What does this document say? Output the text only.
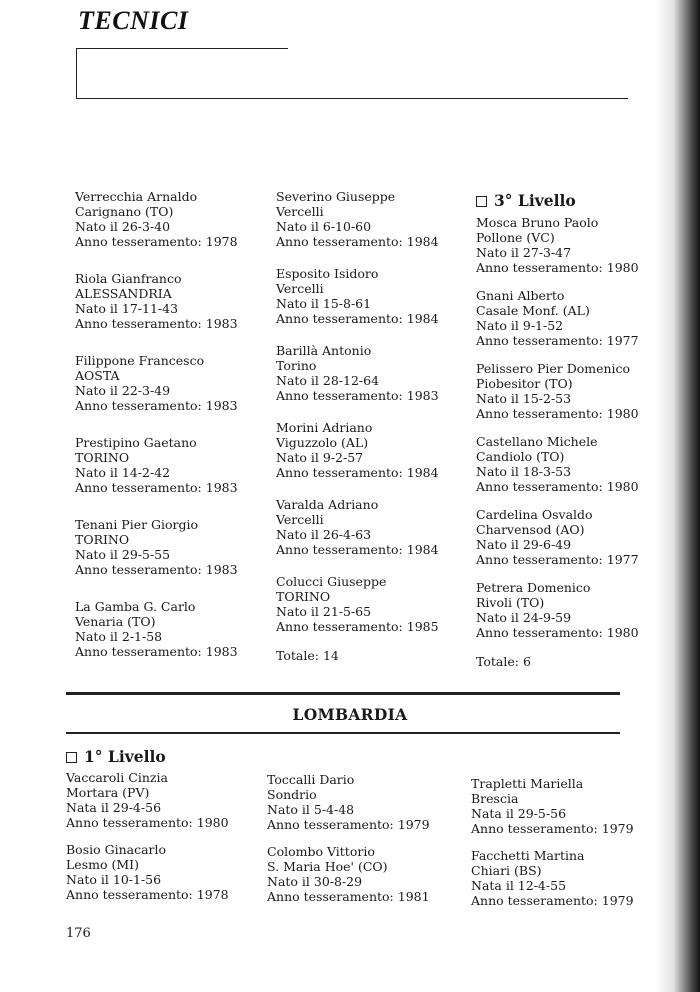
TECNICI
Verrecchia Arnaldo
Carignano (TO)
Nato il 26-3-40
Anno tesseramento: 1978
Riola Gianfranco
ALESSANDRIA
Nato il 17-11-43
Anno tesseramento: 1983
Filippone Francesco
AOSTA
Nato il 22-3-49
Anno tesseramento: 1983
Prestipino Gaetano
TORINO
Nato il 14-2-42
Anno tesseramento: 1983
Tenani Pier Giorgio
TORINO
Nato il 29-5-55
Anno tesseramento: 1983
La Gamba G. Carlo
Venaria (TO)
Nato il 2-1-58
Anno tesseramento: 1983
Severino Giuseppe
Vercelli
Nato il 6-10-60
Anno tesseramento: 1984
Esposito Isidoro
Vercelli
Nato il 15-8-61
Anno tesseramento: 1984
Barillà Antonio
Torino
Nato il 28-12-64
Anno tesseramento: 1983
Morini Adriano
Viguzzolo (AL)
Nato il 9-2-57
Anno tesseramento: 1984
Varalda Adriano
Vercelli
Nato il 26-4-63
Anno tesseramento: 1984
Colucci Giuseppe
TORINO
Nato il 21-5-65
Anno tesseramento: 1985
Totale: 14
3° Livello
Mosca Bruno Paolo
Pollone (VC)
Nato il 27-3-47
Anno tesseramento: 1980
Gnani Alberto
Casale Monf. (AL)
Nato il 9-1-52
Anno tesseramento: 1977
Pelissero Pier Domenico
Piobesitor (TO)
Nato il 15-2-53
Anno tesseramento: 1980
Castellano Michele
Candiolo (TO)
Nato il 18-3-53
Anno tesseramento: 1980
Cardelina Osvaldo
Charvensod (AO)
Nato il 29-6-49
Anno tesseramento: 1977
Petrera Domenico
Rivoli (TO)
Nato il 24-9-59
Anno tesseramento: 1980
Totale: 6
LOMBARDIA
1° Livello
Vaccaroli Cinzia
Mortara (PV)
Nata il 29-4-56
Anno tesseramento: 1980
Bosio Ginacarlo
Lesmo (MI)
Nato il 10-1-56
Anno tesseramento: 1978
Toccalli Dario
Sondrio
Nato il 5-4-48
Anno tesseramento: 1979
Colombo Vittorio
S. Maria Hoe' (CO)
Nato il 30-8-29
Anno tesseramento: 1981
Trapletti Mariella
Brescia
Nata il 29-5-56
Anno tesseramento: 1979
Facchetti Martina
Chiari (BS)
Nata il 12-4-55
Anno tesseramento: 1979
176
